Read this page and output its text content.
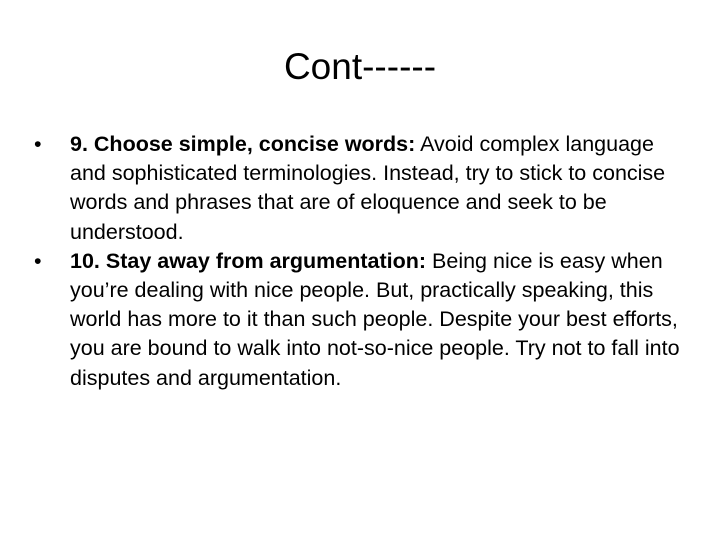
Cont------

•	9. Choose simple, concise words: Avoid complex language and sophisticated terminologies. Instead, try to stick to concise words and phrases that are of eloquence and seek to be understood.

•	10. Stay away from argumentation: Being nice is easy when you’re dealing with nice people. But, practically speaking, this world has more to it than such people. Despite your best efforts, you are bound to walk into not-so-nice people. Try not to fall into disputes and argumentation.
